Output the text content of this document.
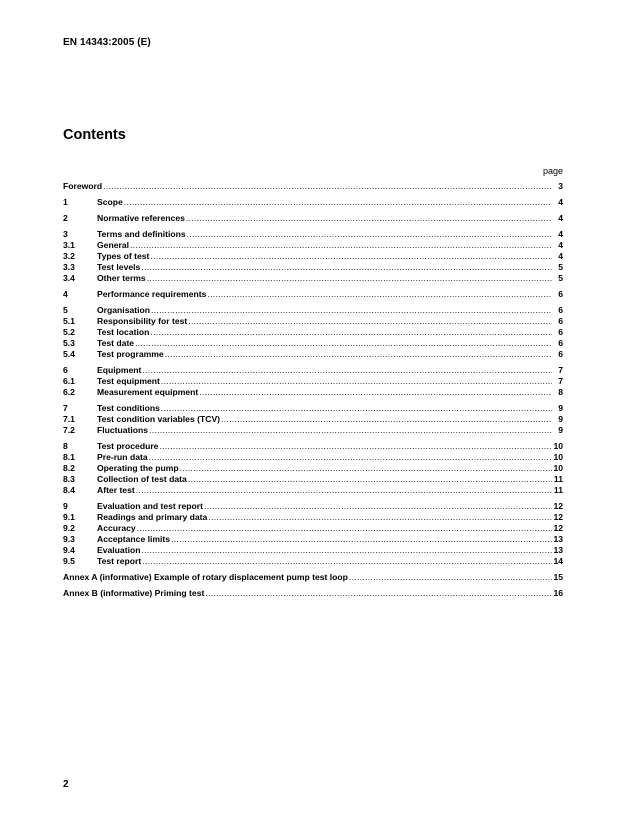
EN 14343:2005 (E)
Contents
page
Foreword .....	3
1	Scope .....	4
2	Normative references .....	4
3	Terms and definitions .....	4
3.1	General .....	4
3.2	Types of test .....	4
3.3	Test levels .....	5
3.4	Other terms .....	5
4	Performance requirements .....	6
5	Organisation .....	6
5.1	Responsibility for test .....	6
5.2	Test location .....	6
5.3	Test date .....	6
5.4	Test programme .....	6
6	Equipment .....	7
6.1	Test equipment .....	7
6.2	Measurement equipment .....	8
7	Test conditions .....	9
7.1	Test condition variables (TCV) .....	9
7.2	Fluctuations .....	9
8	Test procedure .....	10
8.1	Pre-run data .....	10
8.2	Operating the pump .....	10
8.3	Collection of test data .....	11
8.4	After test .....	11
9	Evaluation and test report .....	12
9.1	Readings and primary data .....	12
9.2	Accuracy .....	12
9.3	Acceptance limits .....	13
9.4	Evaluation .....	13
9.5	Test report .....	14
Annex A (informative) Example of rotary displacement pump test loop .....	15
Annex B (informative) Priming test .....	16
2
